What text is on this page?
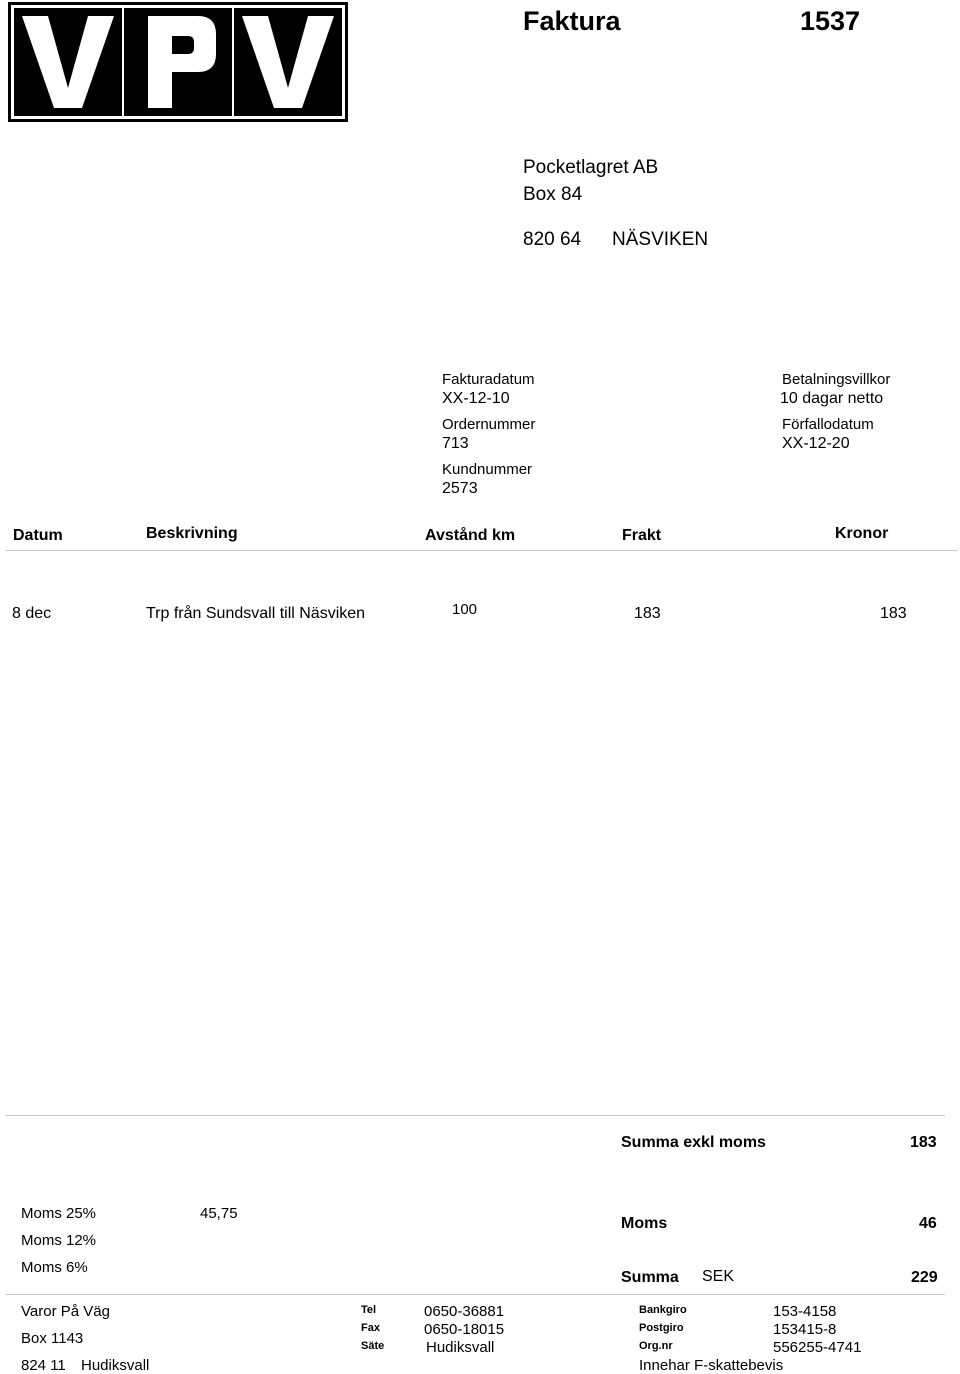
Faktura	1537
Pocketlagret AB
Box 84
820 64 NÄSVIKEN
Fakturadatum
XX-12-10
Ordernummer
713
Kundnummer
2573
Betalningsvillkor
10 dagar netto
Förfallodatum
XX-12-20
Datum	Beskrivning	Avstånd km	Frakt	Kronor
8 dec	Trp från Sundsvall till Näsviken	100	183	183
Summa exkl moms	183
Moms 25%	45,75
Moms 12%
Moms 6%
Moms	46
Summa SEK	229
Varor På Väg
Box 1143
824 11 Hudiksvall
Tel	0650-36881
Fax	0650-18015
Säte	Hudiksvall
Bankgiro	153-4158
Postgiro	153415-8
Org.nr	556255-4741
Innehar F-skattebevis
